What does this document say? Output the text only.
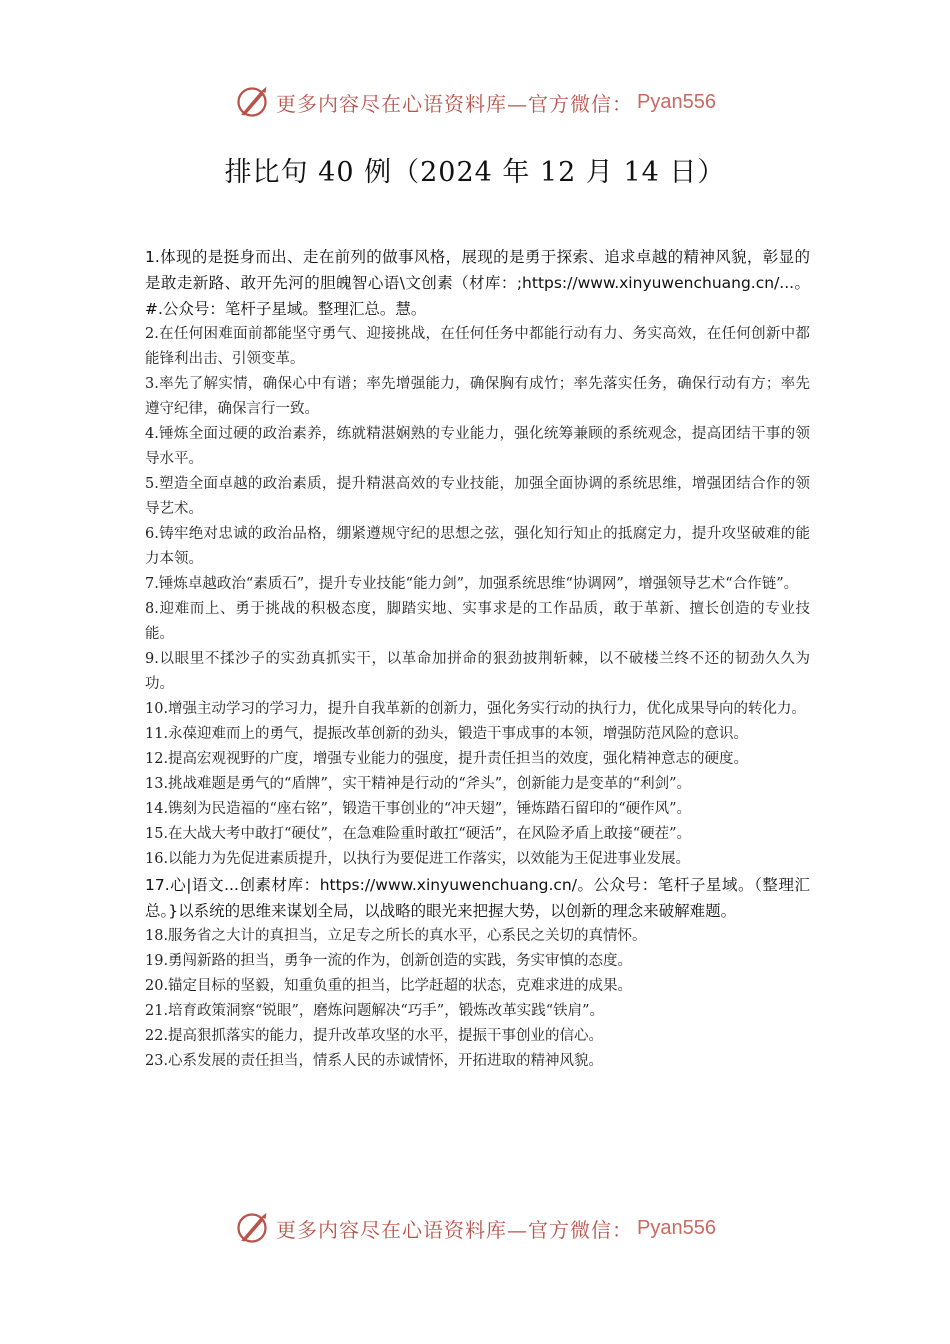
更多内容尽在心语资料库—官方微信： Pyan556
排比句 40 例（2024 年 12 月 14 日）

1.体现的是挺身而出、走在前列的做事风格，展现的是勇于探索、追求卓越的精神风貌，彰显的是敢走新路、敢开先河的胆魄智心语\文创素（材库：;https://www.xinyuwenchuang.cn/...。#.公众号：笔杆子星域。整理汇总。慧。

2.在任何困难面前都能坚守勇气、迎接挑战，在任何任务中都能行动有力、务实高效，在任何创新中都能锋利出击、引领变革。

3.率先了解实情，确保心中有谱；率先增强能力，确保胸有成竹；率先落实任务，确保行动有方；率先遵守纪律，确保言行一致。

4.锤炼全面过硬的政治素养，练就精湛娴熟的专业能力，强化统筹兼顾的系统观念，提高团结干事的领导水平。

5.塑造全面卓越的政治素质，提升精湛高效的专业技能，加强全面协调的系统思维，增强团结合作的领导艺术。

6.铸牢绝对忠诚的政治品格，绷紧遵规守纪的思想之弦，强化知行知止的抵腐定力，提升攻坚破难的能力本领。

7.锤炼卓越政治“素质石”，提升专业技能“能力剑”，加强系统思维“协调网”，增强领导艺术“合作链”。

8.迎难而上、勇于挑战的积极态度，脚踏实地、实事求是的工作品质，敢于革新、擅长创造的专业技能。

9.以眼里不揉沙子的实劲真抓实干，以革命加拼命的狠劲披荆斩棘，以不破楼兰终不还的韧劲久久为功。

10.增强主动学习的学习力，提升自我革新的创新力，强化务实行动的执行力，优化成果导向的转化力。

11.永葆迎难而上的勇气，提振改革创新的劲头，锻造干事成事的本领，增强防范风险的意识。

12.提高宏观视野的广度，增强专业能力的强度，提升责任担当的效度，强化精神意志的硬度。

13.挑战难题是勇气的“盾牌”，实干精神是行动的“斧头”，创新能力是变革的“利剑”。

14.镌刻为民造福的“座右铭”，锻造干事创业的“冲天翅”，锤炼踏石留印的“硬作风”。

15.在大战大考中敢打“硬仗”，在急难险重时敢扛“硬活”，在风险矛盾上敢接“硬茬”。

16.以能力为先促进素质提升，以执行为要促进工作落实，以效能为王促进事业发展。

17.心|语文...创素材库：https://www.xinyuwenchuang.cn/。公众号：笔杆子星域。（整理汇总。}以系统的思维来谋划全局，以战略的眼光来把握大势，以创新的理念来破解难题。

18.服务省之大计的真担当，立足专之所长的真水平，心系民之关切的真情怀。

19.勇闯新路的担当，勇争一流的作为，创新创造的实践，务实审慎的态度。

20.锚定目标的坚毅，知重负重的担当，比学赶超的状态，克难求进的成果。

21.培育政策洞察“锐眼”，磨炼问题解决“巧手”，锻炼改革实践“铁肩”。

22.提高狠抓落实的能力，提升改革攻坚的水平，提振干事创业的信心。

23.心系发展的责任担当，情系人民的赤诚情怀，开拓进取的精神风貌。

更多内容尽在心语资料库—官方微信： Pyan556
